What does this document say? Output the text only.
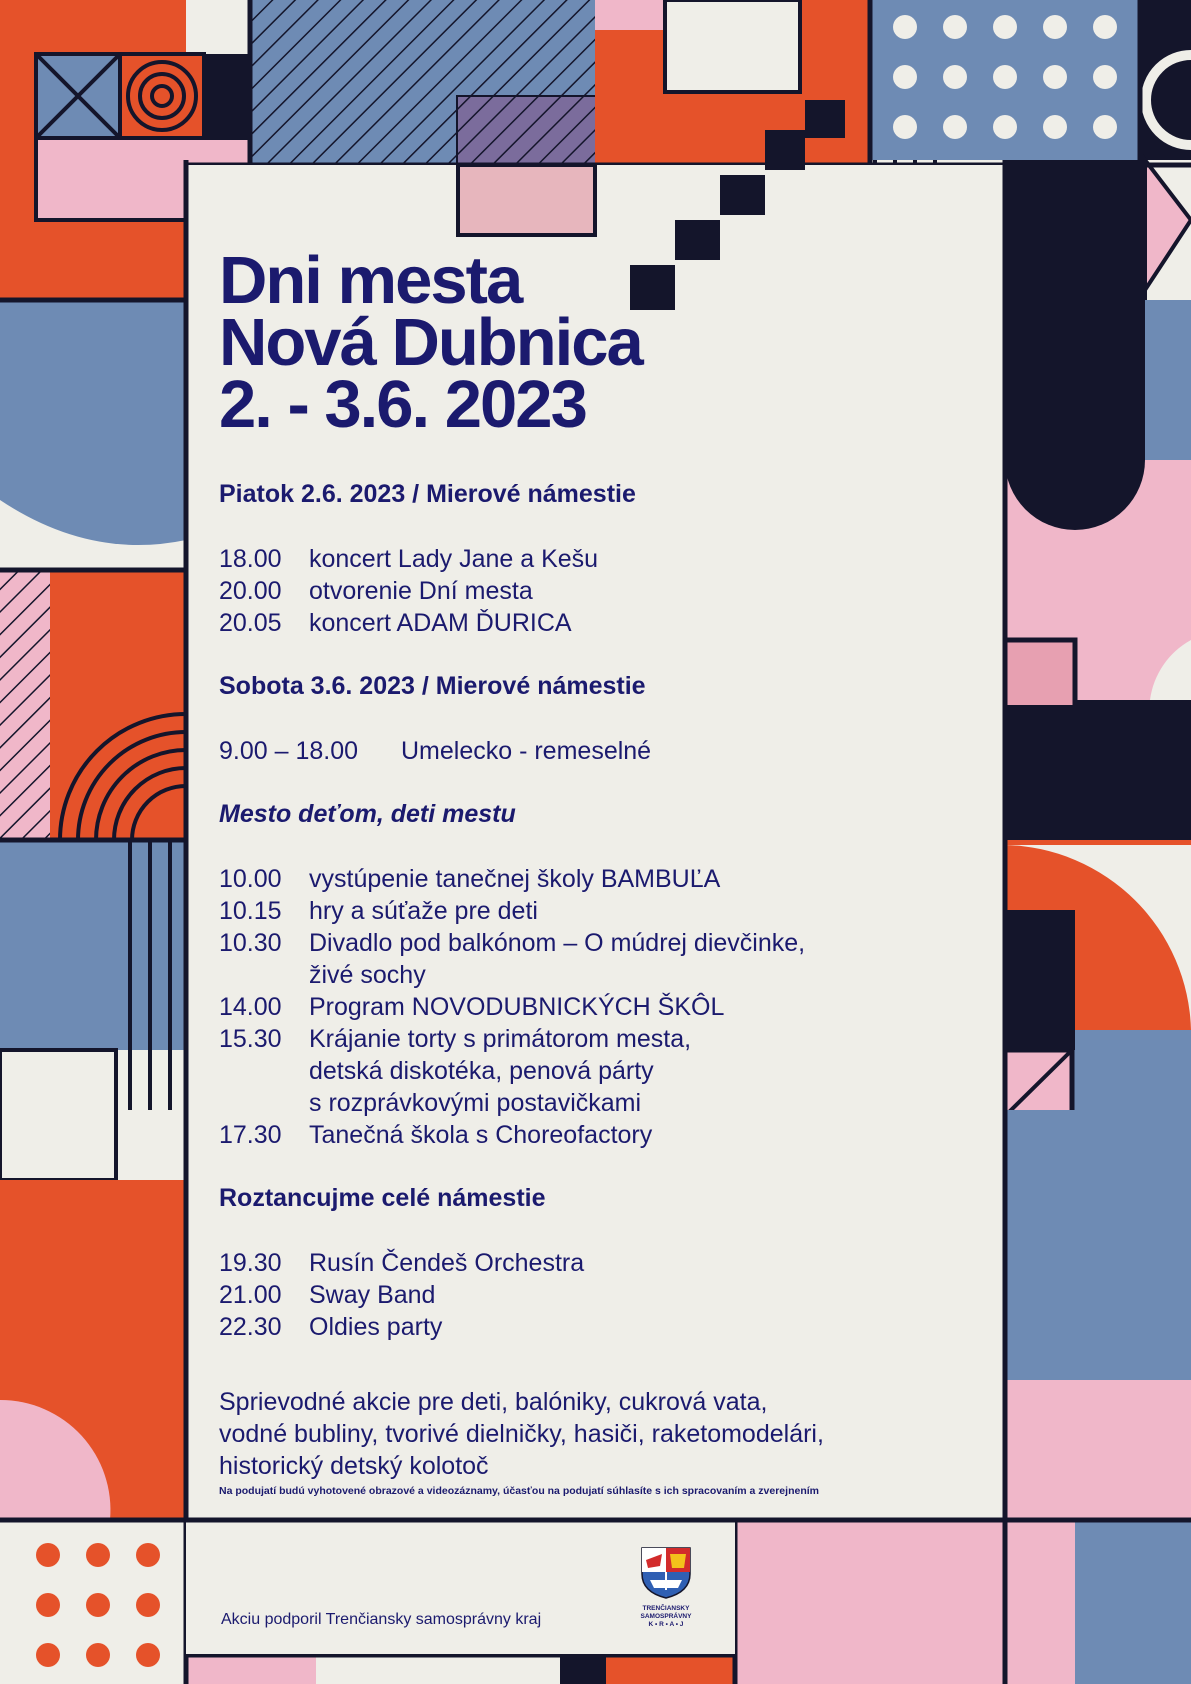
Dni mesta
Nová Dubnica
2. - 3.6. 2023
Piatok 2.6. 2023 / Mierové námestie
18.00	koncert Lady Jane a Kešu
20.00	otvorenie Dní mesta
20.05	koncert ADAM ĎURICA
Sobota 3.6. 2023 / Mierové námestie
9.00 – 18.00	Umelecko - remeselné
Mesto deťom, deti mestu
10.00	vystúpenie tanečnej školy BAMBUĽA
10.15	hry a súťaže pre deti
10.30	Divadlo pod balkónom – O múdrej dievčinke,
živé sochy
14.00	Program NOVODUBNICKÝCH ŠKÔL
15.30	Krájanie torty s primátorom mesta,
detská diskotéka, penová párty
s rozprávkovými postavičkami
17.30	Tanečná škola s Choreofactory
Roztancujme celé námestie
19.30	Rusín Čendeš Orchestra
21.00	Sway Band
22.30	Oldies party
Sprievodné akcie pre deti, balóniky, cukrová vata,
vodné bubliny, tvorivé dielničky, hasiči, raketomodelári,
historický detský kolotoč
Na podujatí budú vyhotovené obrazové a videozáznamy, účasťou na podujatí súhlasíte s ich spracovaním a zverejnením
Akciu podporil Trenčiansky samosprávny kraj
TRENČIANSKY
SAMOSPRÁVNY
K • R • A • J
